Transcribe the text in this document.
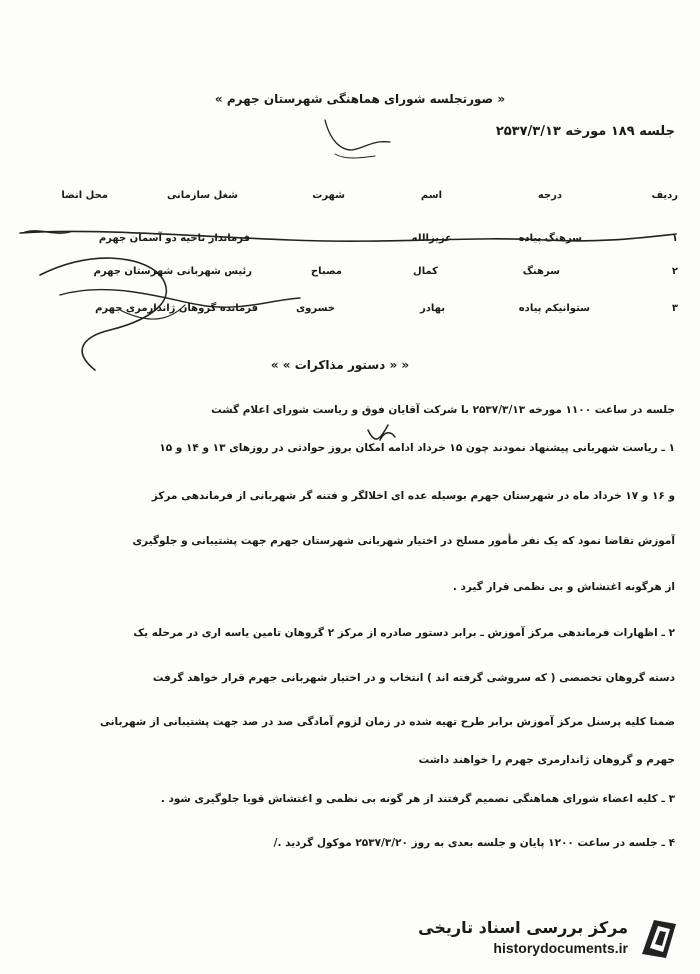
« صورتجلسه شورای هماهنگی شهرستان جهرم »
جلسه ۱۸۹ مورخه ۲۵۳۷/۳/۱۳
ردیف
درجه
اسم
شهرت
شغل سازمانی
محل انضا
۱
سرهنگ پیاده
عزیزالله
فرماندار ناحیه دو آسمان جهرم
۲
سرهنگ
کمال
مصباح
رئیس شهربانی شهرستان جهرم
۳
ستوانیکم پیاده
بهادر
خسروی
فرمانده گروهان ژاندارمری جهرم
« « دستور مذاکرات » »
جلسه در ساعت ۱۱۰۰ مورخه ۲۵۳۷/۳/۱۳ با شرکت آقایان فوق و ریاست شورای اعلام گشت
۱ ـ ریاست شهربانی پیشنهاد نمودند چون ۱۵ خرداد ادامه امکان بروز حوادثی در روزهای ۱۳ و ۱۴ و ۱۵
و ۱۶ و ۱۷ خرداد ماه در شهرستان جهرم بوسیله عده ای اخلالگر و فتنه گر شهربانی از فرماندهی مرکز
آموزش تقاضا نمود که یک نفر مأمور مسلح در اختیار شهربانی شهرستان جهرم جهت پشتیبانی و جلوگیری
از هرگونه اغتشاش و بی نظمی قرار گیرد .
۲ ـ اظهارات فرماندهی مرکز آموزش ـ برابر دستور صادره از مرکز ۲ گروهان تامین یاسه اری در مرحله یک
دسته گروهان تخصصی ( که سروشی گرفته اند ) انتخاب و در اختیار شهربانی جهرم قرار خواهد گرفت
ضمنا کلیه پرسنل مرکز آموزش برابر طرح تهیه شده در زمان لزوم آمادگی صد در صد جهت پشتیبانی از شهربانی
جهرم و گروهان ژاندارمری جهرم را خواهند داشت
۳ ـ کلیه اعضاء شورای هماهنگی تصمیم گرفتند از هر گونه بی نظمی و اغتشاش قویا جلوگیری شود .
۴ ـ جلسه در ساعت ۱۲۰۰ پایان و جلسه بعدی به روز ۲۵۳۷/۳/۲۰ موکول گردید ./
مرکز بررسی اسناد تاریخی
historydocuments.ir
